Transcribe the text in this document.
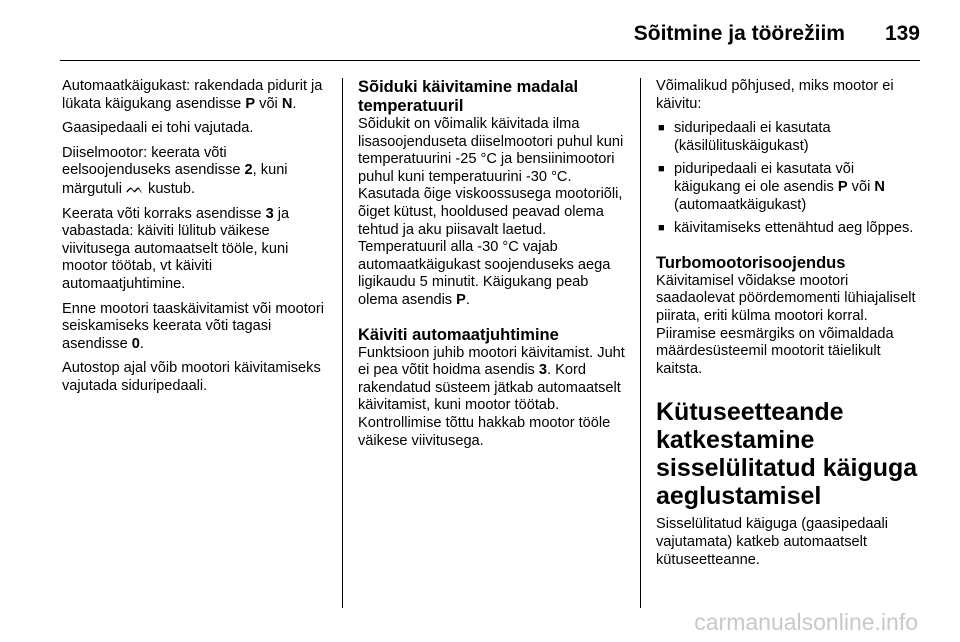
Sõitmine ja töörežiim 139

Automaatkäigukast: rakendada pidurit ja lükata käigukang asendisse P või N.

Gaasipedaali ei tohi vajutada.

Diiselmootor: keerata võti eelsoojenduseks asendisse 2, kuni märgutuli ᨓ kustub.

Keerata võti korraks asendisse 3 ja vabastada: käiviti lülitub väikese viivitusega automaatselt tööle, kuni mootor töötab, vt käiviti automaatjuhtimine.

Enne mootori taaskäivitamist või mootori seiskamiseks keerata võti tagasi asendisse 0.

Autostop ajal võib mootori käivitamiseks vajutada siduripedaali.

Sõiduki käivitamine madalal temperatuuril

Sõidukit on võimalik käivitada ilma lisasoojenduseta diiselmootori puhul kuni temperatuurini -25 °C ja bensiinimootori puhul kuni temperatuurini -30 °C. Kasutada õige viskoossusega mootoriõli, õiget kütust, hooldused peavad olema tehtud ja aku piisavalt laetud. Temperatuuril alla -30 °C vajab automaatkäigukast soojenduseks aega ligikaudu 5 minutit. Käigukang peab olema asendis P.

Käiviti automaatjuhtimine

Funktsioon juhib mootori käivitamist. Juht ei pea võtit hoidma asendis 3. Kord rakendatud süsteem jätkab automaatselt käivitamist, kuni mootor töötab. Kontrollimise tõttu hakkab mootor tööle väikese viivitusega.

Võimalikud põhjused, miks mootor ei käivitu:

■ siduripedaali ei kasutata (käsilülituskäigukast)
■ piduripedaali ei kasutata või käigukang ei ole asendis P või N (automaatkäigukast)
■ käivitamiseks ettenähtud aeg lõppes.
Turbomootorisoojendus

Käivitamisel võidakse mootori saadaolevat pöördemomenti lühiajaliselt piirata, eriti külma mootori korral. Piiramise eesmärgiks on võimaldada määrdesüsteemil mootorit täielikult kaitsta.

Kütuseetteande katkestamine sisselülitatud käiguga aeglustamisel

Sisselülitatud käiguga (gaasipedaali vajutamata) katkeb automaatselt kütuseetteanne.

carmanualsonline.info
